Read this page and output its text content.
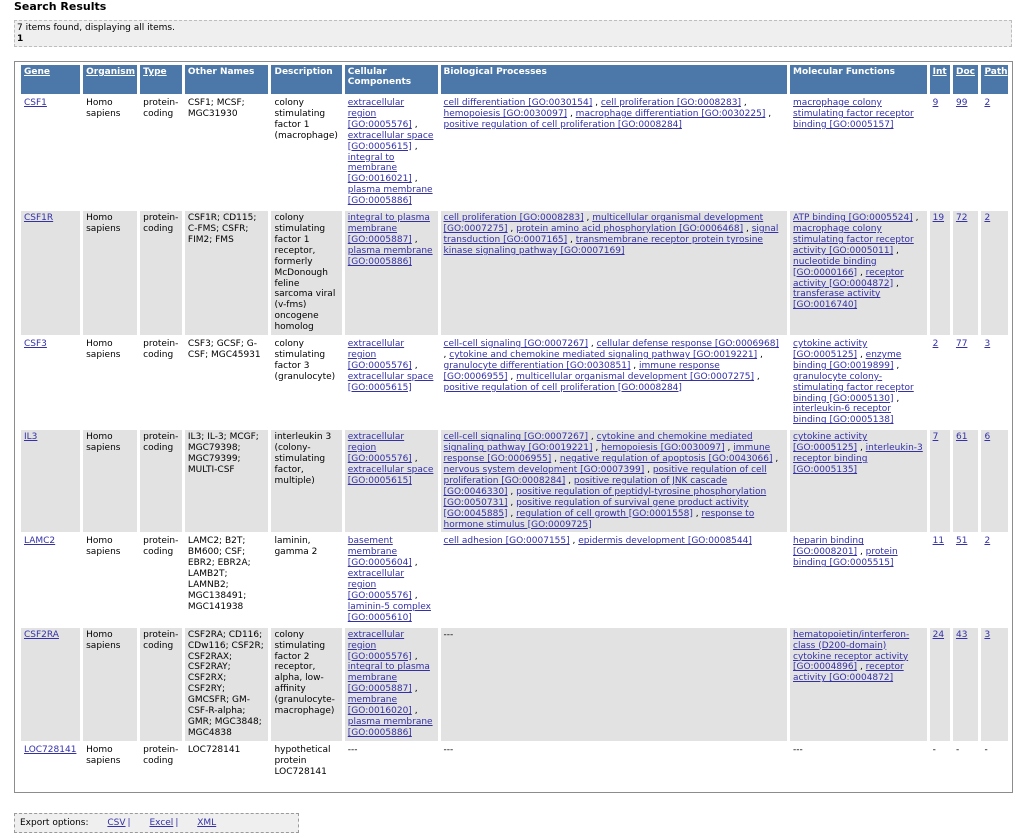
Search Results
7 items found, displaying all items.
1
Gene	Organism	Type	Other Names	Description	Cellular Components	Biological Processes	Molecular Functions	Int	Doc	Path
CSF1	Homo sapiens	protein-coding	CSF1; MCSF; MGC31930	colony stimulating factor 1 (macrophage)	extracellular region [GO:0005576] , extracellular space [GO:0005615] , integral to membrane [GO:0016021] , plasma membrane [GO:0005886]	cell differentiation [GO:0030154] , cell proliferation [GO:0008283] , hemopoiesis [GO:0030097] , macrophage differentiation [GO:0030225] , positive regulation of cell proliferation [GO:0008284]	macrophage colony stimulating factor receptor binding [GO:0005157]	9	99	2
CSF1R	Homo sapiens	protein-coding	CSF1R; CD115; C-FMS; CSFR; FIM2; FMS	colony stimulating factor 1 receptor, formerly McDonough feline sarcoma viral (v-fms) oncogene homolog	integral to plasma membrane [GO:0005887] , plasma membrane [GO:0005886]	cell proliferation [GO:0008283] , multicellular organismal development [GO:0007275] , protein amino acid phosphorylation [GO:0006468] , signal transduction [GO:0007165] , transmembrane receptor protein tyrosine kinase signaling pathway [GO:0007169]	ATP binding [GO:0005524] , macrophage colony stimulating factor receptor activity [GO:0005011] , nucleotide binding [GO:0000166] , receptor activity [GO:0004872] , transferase activity [GO:0016740]	19	72	2
CSF3	Homo sapiens	protein-coding	CSF3; GCSF; G-CSF; MGC45931	colony stimulating factor 3 (granulocyte)	extracellular region [GO:0005576] , extracellular space [GO:0005615]	cell-cell signaling [GO:0007267] , cellular defense response [GO:0006968] , cytokine and chemokine mediated signaling pathway [GO:0019221] , granulocyte differentiation [GO:0030851] , immune response [GO:0006955] , multicellular organismal development [GO:0007275] , positive regulation of cell proliferation [GO:0008284]	cytokine activity [GO:0005125] , enzyme binding [GO:0019899] , granulocyte colony-stimulating factor receptor binding [GO:0005130] , interleukin-6 receptor binding [GO:0005138]	2	77	3
IL3	Homo sapiens	protein-coding	IL3; IL-3; MCGF; MGC79398; MGC79399; MULTI-CSF	interleukin 3 (colony-stimulating factor, multiple)	extracellular region [GO:0005576] , extracellular space [GO:0005615]	cell-cell signaling [GO:0007267] , cytokine and chemokine mediated signaling pathway [GO:0019221] , hemopoiesis [GO:0030097] , immune response [GO:0006955] , negative regulation of apoptosis [GO:0043066] , nervous system development [GO:0007399] , positive regulation of cell proliferation [GO:0008284] , positive regulation of JNK cascade [GO:0046330] , positive regulation of peptidyl-tyrosine phosphorylation [GO:0050731] , positive regulation of survival gene product activity [GO:0045885] , regulation of cell growth [GO:0001558] , response to hormone stimulus [GO:0009725]	cytokine activity [GO:0005125] , interleukin-3 receptor binding [GO:0005135]	7	61	6
LAMC2	Homo sapiens	protein-coding	LAMC2; B2T; BM600; CSF; EBR2; EBR2A; LAMB2T; LAMNB2; MGC138491; MGC141938	laminin, gamma 2	basement membrane [GO:0005604] , extracellular region [GO:0005576] , laminin-5 complex [GO:0005610]	cell adhesion [GO:0007155] , epidermis development [GO:0008544]	heparin binding [GO:0008201] , protein binding [GO:0005515]	11	51	2
CSF2RA	Homo sapiens	protein-coding	CSF2RA; CD116; CDw116; CSF2R; CSF2RAX; CSF2RAY; CSF2RX; CSF2RY; GMCSFR; GM-CSF-R-alpha; GMR; MGC3848; MGC4838	colony stimulating factor 2 receptor, alpha, low-affinity (granulocyte-macrophage)	extracellular region [GO:0005576] , integral to plasma membrane [GO:0005887] , membrane [GO:0016020] , plasma membrane [GO:0005886]	---	hematopoietin/interferon-class (D200-domain) cytokine receptor activity [GO:0004896] , receptor activity [GO:0004872]	24	43	3
LOC728141	Homo sapiens	protein-coding	LOC728141	hypothetical protein LOC728141	---	---	---	-	-	-
Export options: CSV | Excel | XML
